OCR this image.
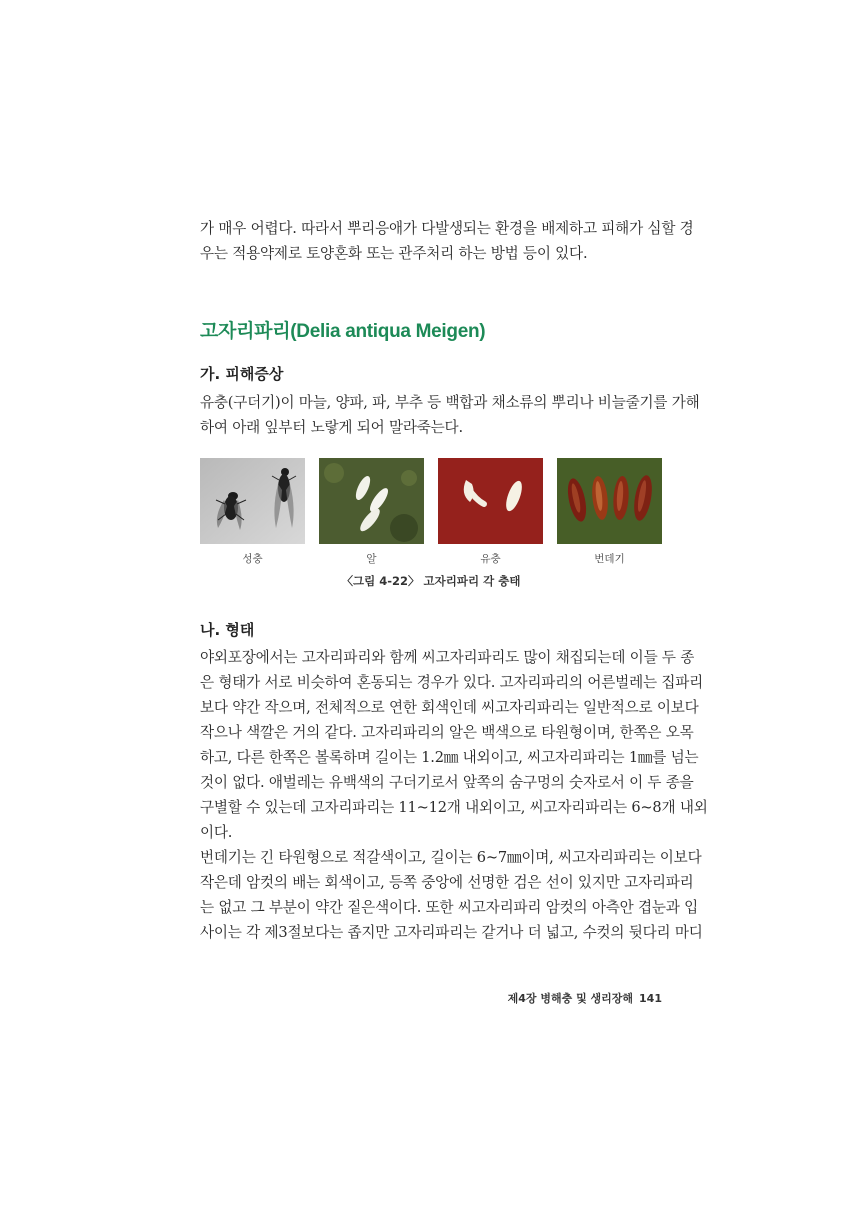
가 매우 어렵다. 따라서 뿌리응애가 다발생되는 환경을 배제하고 피해가 심할 경
우는 적용약제로 토양혼화 또는 관주처리 하는 방법 등이 있다.

고자리파리(Delia antiqua Meigen)
가. 피해증상

유충(구더기)이 마늘, 양파, 파, 부추 등 백합과 채소류의 뿌리나 비늘줄기를 가해
하여 아래 잎부터 노랗게 되어 말라죽는다.

성충	알	유충	번데기
〈그림 4-22〉 고자리파리 각 충태
나. 형태

야외포장에서는 고자리파리와 함께 씨고자리파리도 많이 채집되는데 이들 두 종
은 형태가 서로 비슷하여 혼동되는 경우가 있다. 고자리파리의 어른벌레는 집파리
보다 약간 작으며, 전체적으로 연한 회색인데 씨고자리파리는 일반적으로 이보다
작으나 색깔은 거의 같다. 고자리파리의 알은 백색으로 타원형이며, 한쪽은 오목
하고, 다른 한쪽은 볼록하며 길이는 1.2㎜ 내외이고, 씨고자리파리는 1㎜를 넘는
것이 없다. 애벌레는 유백색의 구더기로서 앞쪽의 숨구멍의 숫자로서 이 두 종을
구별할 수 있는데 고자리파리는 11~12개 내외이고, 씨고자리파리는 6~8개 내외
이다.

번데기는 긴 타원형으로 적갈색이고, 길이는 6~7㎜이며, 씨고자리파리는 이보다
작은데 암컷의 배는 회색이고, 등쪽 중앙에 선명한 검은 선이 있지만 고자리파리
는 없고 그 부분이 약간 짙은색이다. 또한 씨고자리파리 암컷의 아측안 겹눈과 입
사이는 각 제3절보다는 좁지만 고자리파리는 같거나 더 넓고, 수컷의 뒷다리 마디

제4장 병해충 및 생리장해 141
